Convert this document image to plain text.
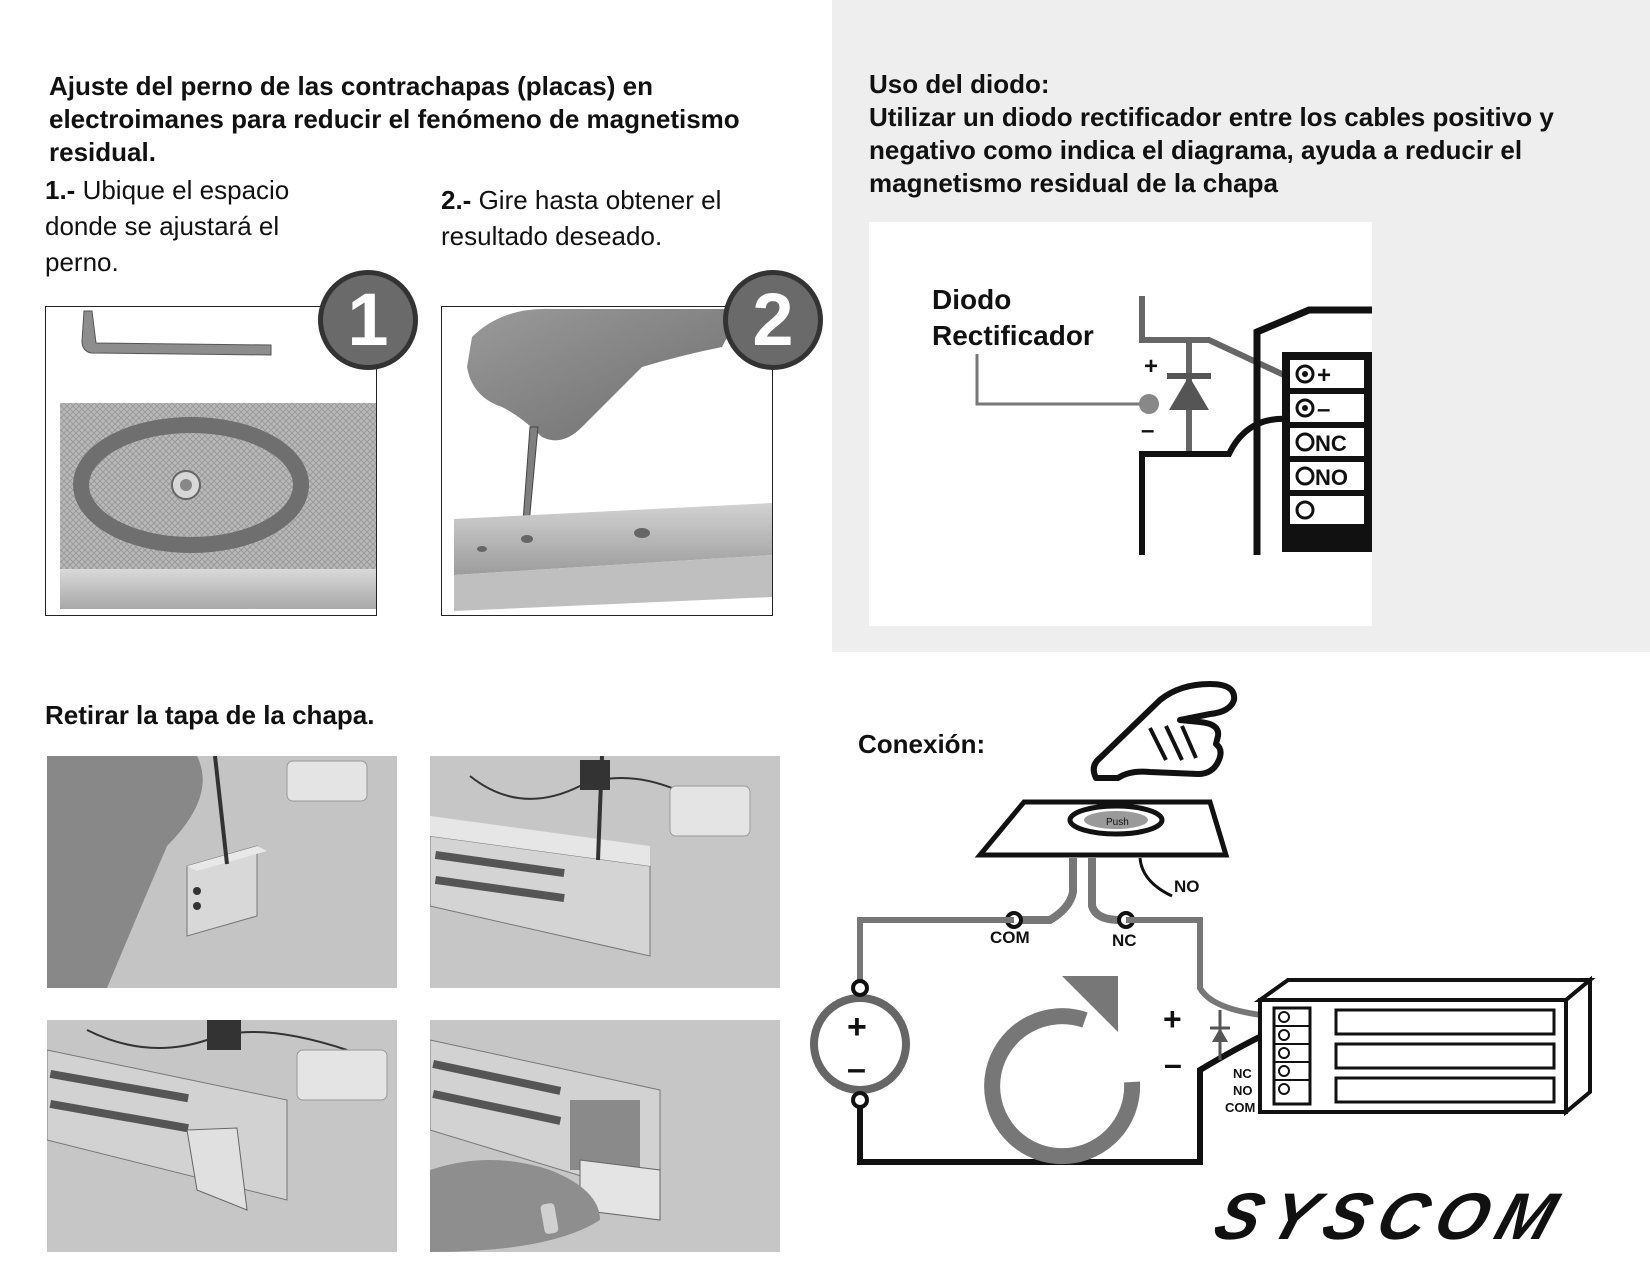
Ajuste del perno de las contrachapas (placas) en electroimanes para reducir el fenómeno de magnetismo residual.
1.- Ubique el espacio donde se ajustará el perno.
2.- Gire hasta obtener el resultado deseado.
1	2
Uso del diodo:
Utilizar un diodo rectificador entre los cables positivo y negativo como indica el diagrama, ayuda a reducir el magnetismo residual de la chapa
Diodo
Rectificador
+
–
+
–
NC
NO
Retirar la tapa de la chapa.
Conexión:
Push
NO
COM	NC
+
–
+
–	NC
NO
COM
SYSCOM
